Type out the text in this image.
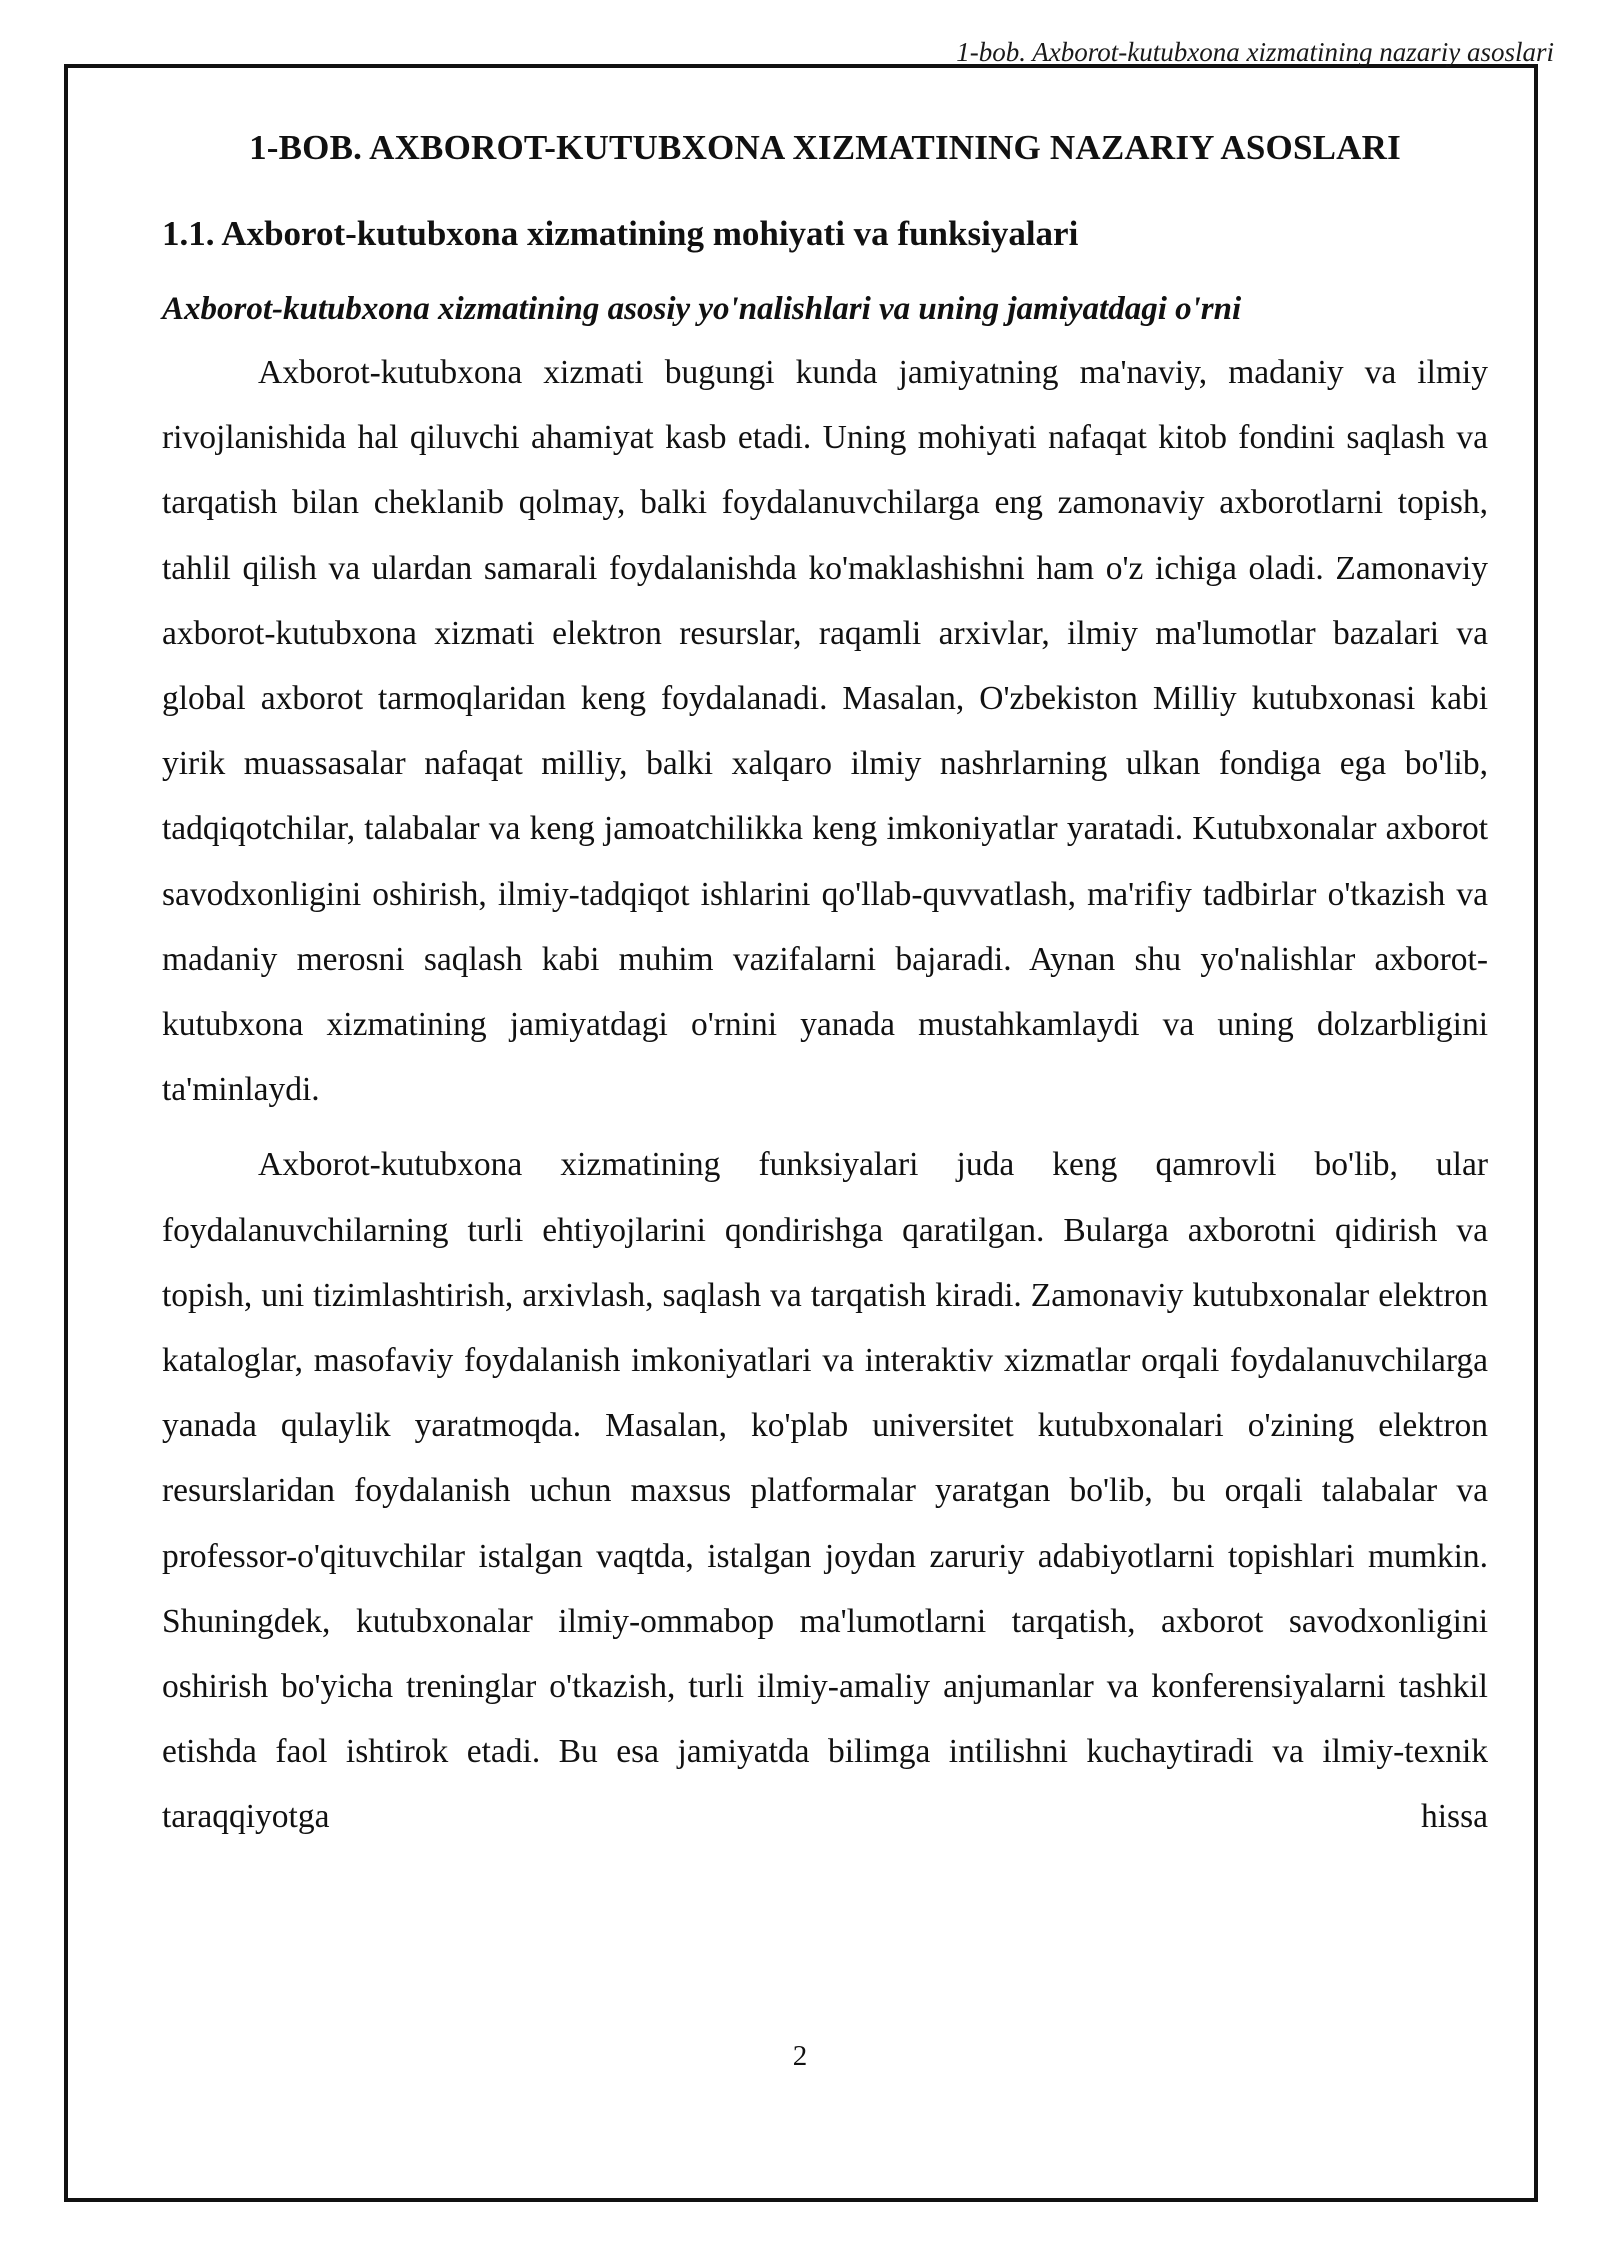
1-bob. Axborot-kutubxona xizmatining nazariy asoslari
1-BOB. AXBOROT-KUTUBXONA XIZMATINING NAZARIY ASOSLARI
1.1. Axborot-kutubxona xizmatining mohiyati va funksiyalari
Axborot-kutubxona xizmatining asosiy yo'nalishlari va uning jamiyatdagi o'rni

Axborot-kutubxona xizmati bugungi kunda jamiyatning ma'naviy, madaniy va ilmiy rivojlanishida hal qiluvchi ahamiyat kasb etadi. Uning mohiyati nafaqat kitob fondini saqlash va tarqatish bilan cheklanib qolmay, balki foydalanuvchilarga eng zamonaviy axborotlarni topish, tahlil qilish va ulardan samarali foydalanishda ko'maklashishni ham o'z ichiga oladi. Zamonaviy axborot-kutubxona xizmati elektron resurslar, raqamli arxivlar, ilmiy ma'lumotlar bazalari va global axborot tarmoqlaridan keng foydalanadi. Masalan, O'zbekiston Milliy kutubxonasi kabi yirik muassasalar nafaqat milliy, balki xalqaro ilmiy nashrlarning ulkan fondiga ega bo'lib, tadqiqotchilar, talabalar va keng jamoatchilikka keng imkoniyatlar yaratadi. Kutubxonalar axborot savodxonligini oshirish, ilmiy-tadqiqot ishlarini qo'llab-quvvatlash, ma'rifiy tadbirlar o'tkazish va madaniy merosni saqlash kabi muhim vazifalarni bajaradi. Aynan shu yo'nalishlar axborot-kutubxona xizmatining jamiyatdagi o'rnini yanada mustahkamlaydi va uning dolzarbligini ta'minlaydi.

Axborot-kutubxona xizmatining funksiyalari juda keng qamrovli bo'lib, ular foydalanuvchilarning turli ehtiyojlarini qondirishga qaratilgan. Bularga axborotni qidirish va topish, uni tizimlashtirish, arxivlash, saqlash va tarqatish kiradi. Zamonaviy kutubxonalar elektron kataloglar, masofaviy foydalanish imkoniyatlari va interaktiv xizmatlar orqali foydalanuvchilarga yanada qulaylik yaratmoqda. Masalan, ko'plab universitet kutubxonalari o'zining elektron resurslaridan foydalanish uchun maxsus platformalar yaratgan bo'lib, bu orqali talabalar va professor-o'qituvchilar istalgan vaqtda, istalgan joydan zaruriy adabiyotlarni topishlari mumkin. Shuningdek, kutubxonalar ilmiy-ommabop ma'lumotlarni tarqatish, axborot savodxonligini oshirish bo'yicha treninglar o'tkazish, turli ilmiy-amaliy anjumanlar va konferensiyalarni tashkil etishda faol ishtirok etadi. Bu esa jamiyatda bilimga intilishni kuchaytiradi va ilmiy-texnik taraqqiyotga hissa

2
